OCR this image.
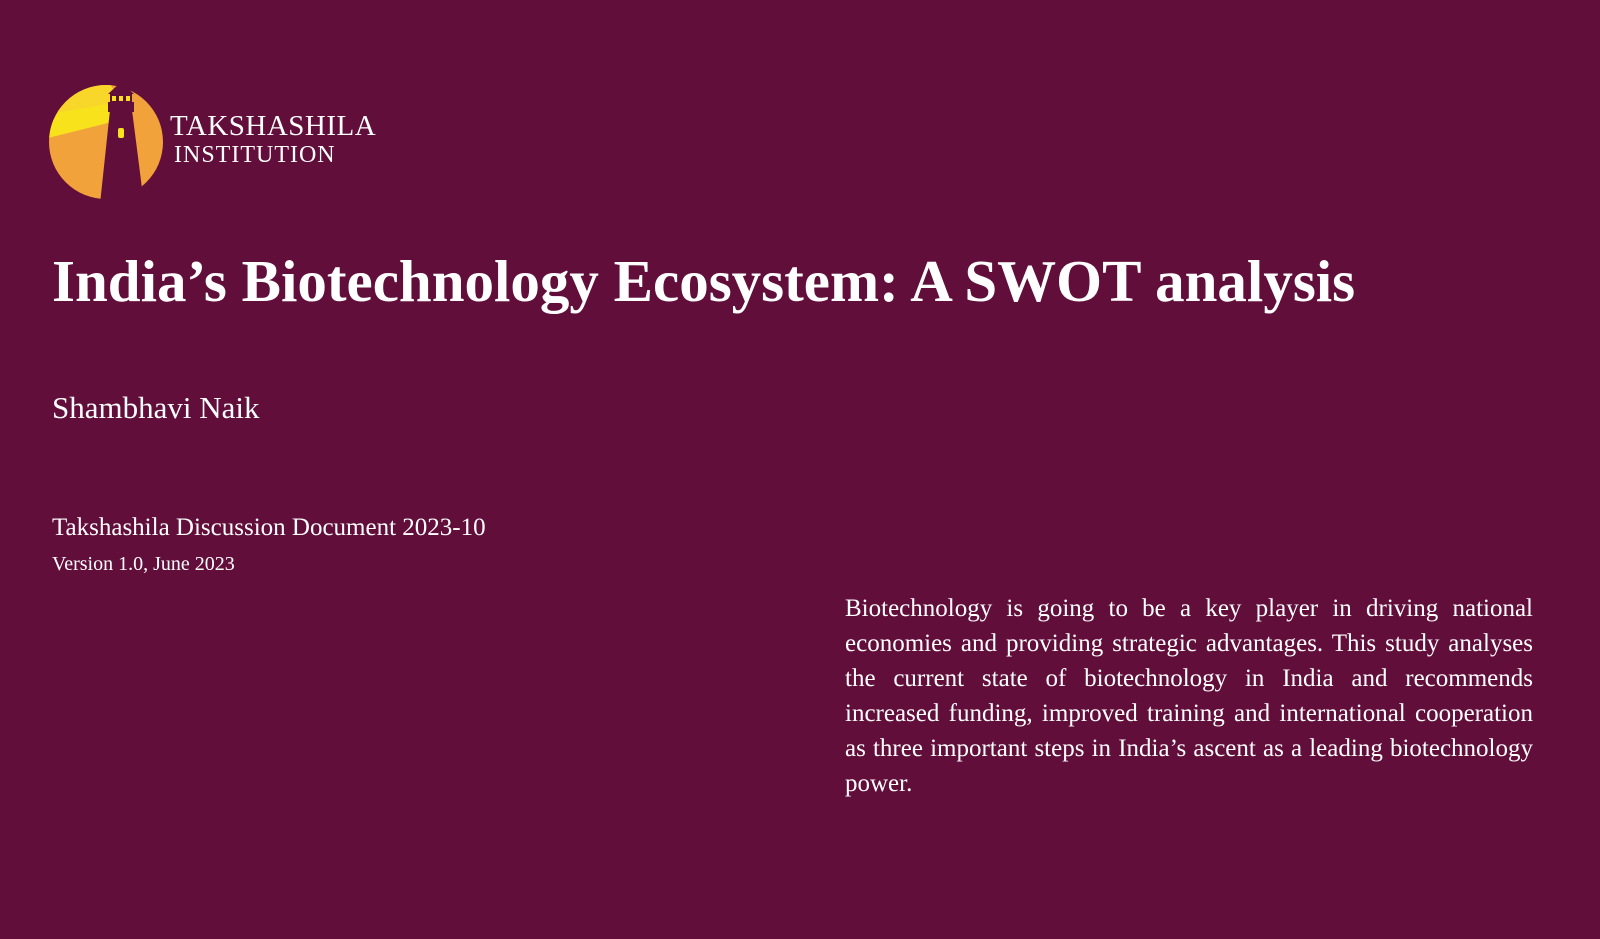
TAKSHASHILA
INSTITUTION
India’s Biotechnology Ecosystem: A SWOT analysis

Shambhavi Naik

Takshashila Discussion Document 2023-10

Version 1.0, June 2023

Biotechnology is going to be a key player in driving national economies and providing strategic advantages. This study analyses the current state of biotechnology in India and recommends increased funding, improved training and international cooperation as three important steps in India’s ascent as a leading biotechnology power.
